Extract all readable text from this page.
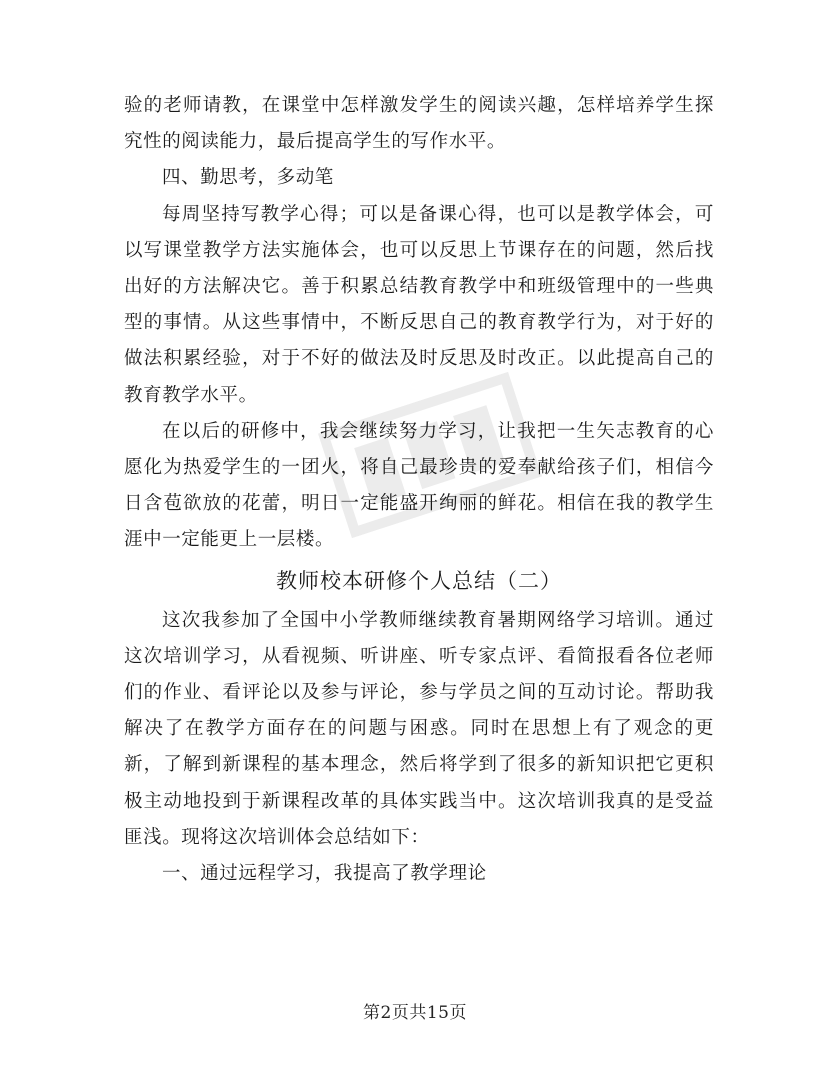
验的老师请教，在课堂中怎样激发学生的阅读兴趣，怎样培养学生探究性的阅读能力，最后提高学生的写作水平。

四、勤思考，多动笔

每周坚持写教学心得；可以是备课心得，也可以是教学体会，可以写课堂教学方法实施体会，也可以反思上节课存在的问题，然后找出好的方法解决它。善于积累总结教育教学中和班级管理中的一些典型的事情。从这些事情中，不断反思自己的教育教学行为，对于好的做法积累经验，对于不好的做法及时反思及时改正。以此提高自己的教育教学水平。

在以后的研修中，我会继续努力学习，让我把一生矢志教育的心愿化为热爱学生的一团火，将自己最珍贵的爱奉献给孩子们，相信今日含苞欲放的花蕾，明日一定能盛开绚丽的鲜花。相信在我的教学生涯中一定能更上一层楼。

教师校本研修个人总结（二）

这次我参加了全国中小学教师继续教育暑期网络学习培训。通过这次培训学习，从看视频、听讲座、听专家点评、看简报看各位老师们的作业、看评论以及参与评论，参与学员之间的互动讨论。帮助我解决了在教学方面存在的问题与困惑。同时在思想上有了观念的更新，了解到新课程的基本理念，然后将学到了很多的新知识把它更积极主动地投到于新课程改革的具体实践当中。这次培训我真的是受益匪浅。现将这次培训体会总结如下：

一、通过远程学习，我提高了教学理论

第2页共15页
